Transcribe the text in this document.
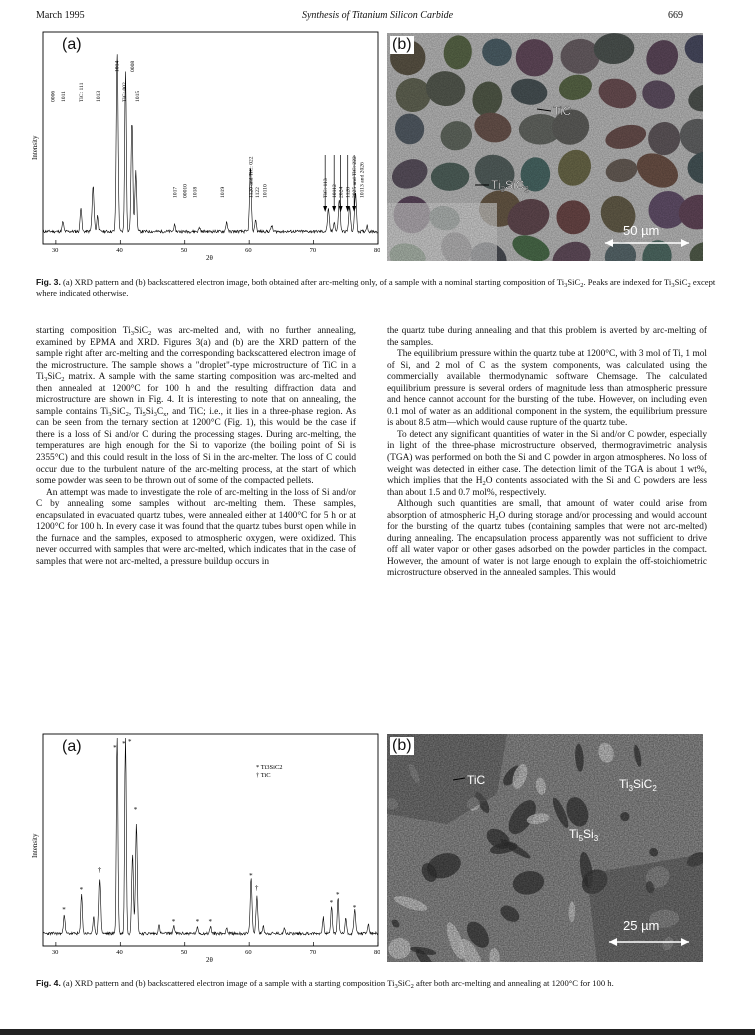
March 1995	Synthesis of Titanium Silicon Carbide	669
Intensity
30	40	50	60	70	80
0006 1011 TiC: 111 1013
1014
TiC: 002
0008
1015
1017 00010 1018	1019	1120 and TiC: 022 1122 10110	TiC: 113 10112 2024 1128 2025 and TiC: 222 10113 and 2026
2θ
(a)
TiC
$Ti_3SiC_2$
50 µm
(b)
Fig. 3. (a) XRD pattern and (b) backscattered electron image, both obtained after arc-melting only, of a sample with a nominal starting composition of $Ti_3SiC_2$. Peaks are indexed for $Ti_3SiC_2$ except where indicated otherwise.

starting composition $Ti_3SiC_2$ was arc-melted and, with no further annealing, examined by EPMA and XRD. Figures 3(a) and (b) are the XRD pattern of the sample right after arc-melting and the corresponding backscattered electron image of the microstructure. The sample shows a "droplet"-type microstructure of TiC in a $Ti_3SiC_2$ matrix. A sample with the same starting composition was arc-melted and then annealed at 1200°C for 100 h and the resulting diffraction data and microstructure are shown in Fig. 4. It is interesting to note that on annealing, the sample contains $Ti_3SiC_2$, $Ti_5Si_3C_x$, and TiC; i.e., it lies in a three-phase region. As can be seen from the ternary section at 1200°C (Fig. 1), this would be the case if there is a loss of Si and/or C during the processing stages. During arc-melting, the temperatures are high enough for the Si to vaporize (the boiling point of Si is 2355°C) and this could result in the loss of Si in the arc-melter. The loss of C could occur due to the turbulent nature of the arc-melting process, at the start of which some powder was seen to be thrown out of some of the compacted pellets.

An attempt was made to investigate the role of arc-melting in the loss of Si and/or C by annealing some samples without arc-melting them. These samples, encapsulated in evacuated quartz tubes, were annealed either at 1400°C for 5 h or at 1200°C for 100 h. In every case it was found that the quartz tubes burst open while in the furnace and the samples, exposed to atmospheric oxygen, were oxidized. This never occurred with samples that were arc-melted, which indicates that in the case of samples that were not arc-melted, a pressure buildup occurs in

the quartz tube during annealing and that this problem is averted by arc-melting of the samples.

The equilibrium pressure within the quartz tube at 1200°C, with 3 mol of Ti, 1 mol of Si, and 2 mol of C as the system components, was calculated using the commercially available thermodynamic software Chemsage. The calculated equilibrium pressure is several orders of magnitude less than atmospheric pressure and hence cannot account for the bursting of the tube. However, on including even 0.1 mol of water as an additional component in the system, the equilibrium pressure is about 8.5 atm—which would cause rupture of the quartz tube.

To detect any significant quantities of water in the Si and/or C powder, especially in light of the three-phase microstructure observed, thermogravimetric analysis (TGA) was performed on both the Si and C powder in argon atmospheres. No loss of weight was detected in either case. The detection limit of the TGA is about 1 wt%, which implies that the $H_2O$ contents associated with the Si and C powders are less than about 1.5 and 0.7 mol%, respectively.

Although such quantities are small, that amount of water could arise from absorption of atmospheric $H_2O$ during storage and/or processing and would account for the bursting of the quartz tubes (containing samples that were not arc-melted) during annealing. The encapsulation process apparently was not sufficient to drive off all water vapor or other gases adsorbed on the powder particles in the compact. However, the amount of water is not large enough to explain the off-stoichiometric microstructure observed in the annealed samples. This would

Intensity
30	40	50	60	70	80
*
*
†
* * *
*
*	* *
*
†
*
*
*
* Ti3SiC2
† TiC
2θ
(a)
TiC	$Ti_3SiC_2$
$Ti_5Si_3$
25 µm
(b)
Fig. 4. (a) XRD pattern and (b) backscattered electron image of a sample with a starting composition $Ti_3SiC_2$ after both arc-melting and annealing at 1200°C for 100 h.
